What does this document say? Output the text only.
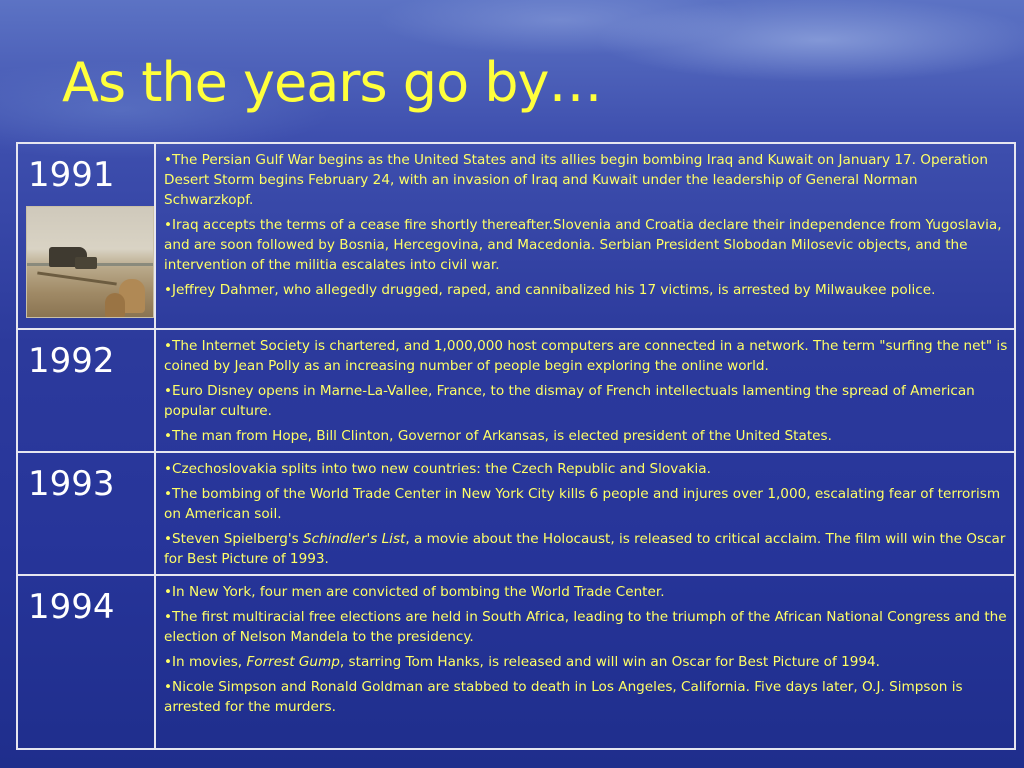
As the years go by…
1991	•The Persian Gulf War begins as the United States and its allies begin bombing Iraq and Kuwait on January 17. Operation Desert Storm begins February 24, with an invasion of Iraq and Kuwait under the leadership of General Norman Schwarzkopf.
•Iraq accepts the terms of a cease fire shortly thereafter.Slovenia and Croatia declare their independence from Yugoslavia, and are soon followed by Bosnia, Hercegovina, and Macedonia. Serbian President Slobodan Milosevic objects, and the intervention of the militia escalates into civil war.
•Jeffrey Dahmer, who allegedly drugged, raped, and cannibalized his 17 victims, is arrested by Milwaukee police.

1992	•The Internet Society is chartered, and 1,000,000 host computers are connected in a network. The term "surfing the net" is coined by Jean Polly as an increasing number of people begin exploring the online world.
•Euro Disney opens in Marne-La-Vallee, France, to the dismay of French intellectuals lamenting the spread of American popular culture.
•The man from Hope, Bill Clinton, Governor of Arkansas, is elected president of the United States.

1993	•Czechoslovakia splits into two new countries: the Czech Republic and Slovakia.
•The bombing of the World Trade Center in New York City kills 6 people and injures over 1,000, escalating fear of terrorism on American soil.
•Steven Spielberg's Schindler's List, a movie about the Holocaust, is released to critical acclaim. The film will win the Oscar for Best Picture of 1993.

1994	•In New York, four men are convicted of bombing the World Trade Center.
•The first multiracial free elections are held in South Africa, leading to the triumph of the African National Congress and the election of Nelson Mandela to the presidency.
•In movies, Forrest Gump, starring Tom Hanks, is released and will win an Oscar for Best Picture of 1994.
•Nicole Simpson and Ronald Goldman are stabbed to death in Los Angeles, California. Five days later, O.J. Simpson is arrested for the murders.
